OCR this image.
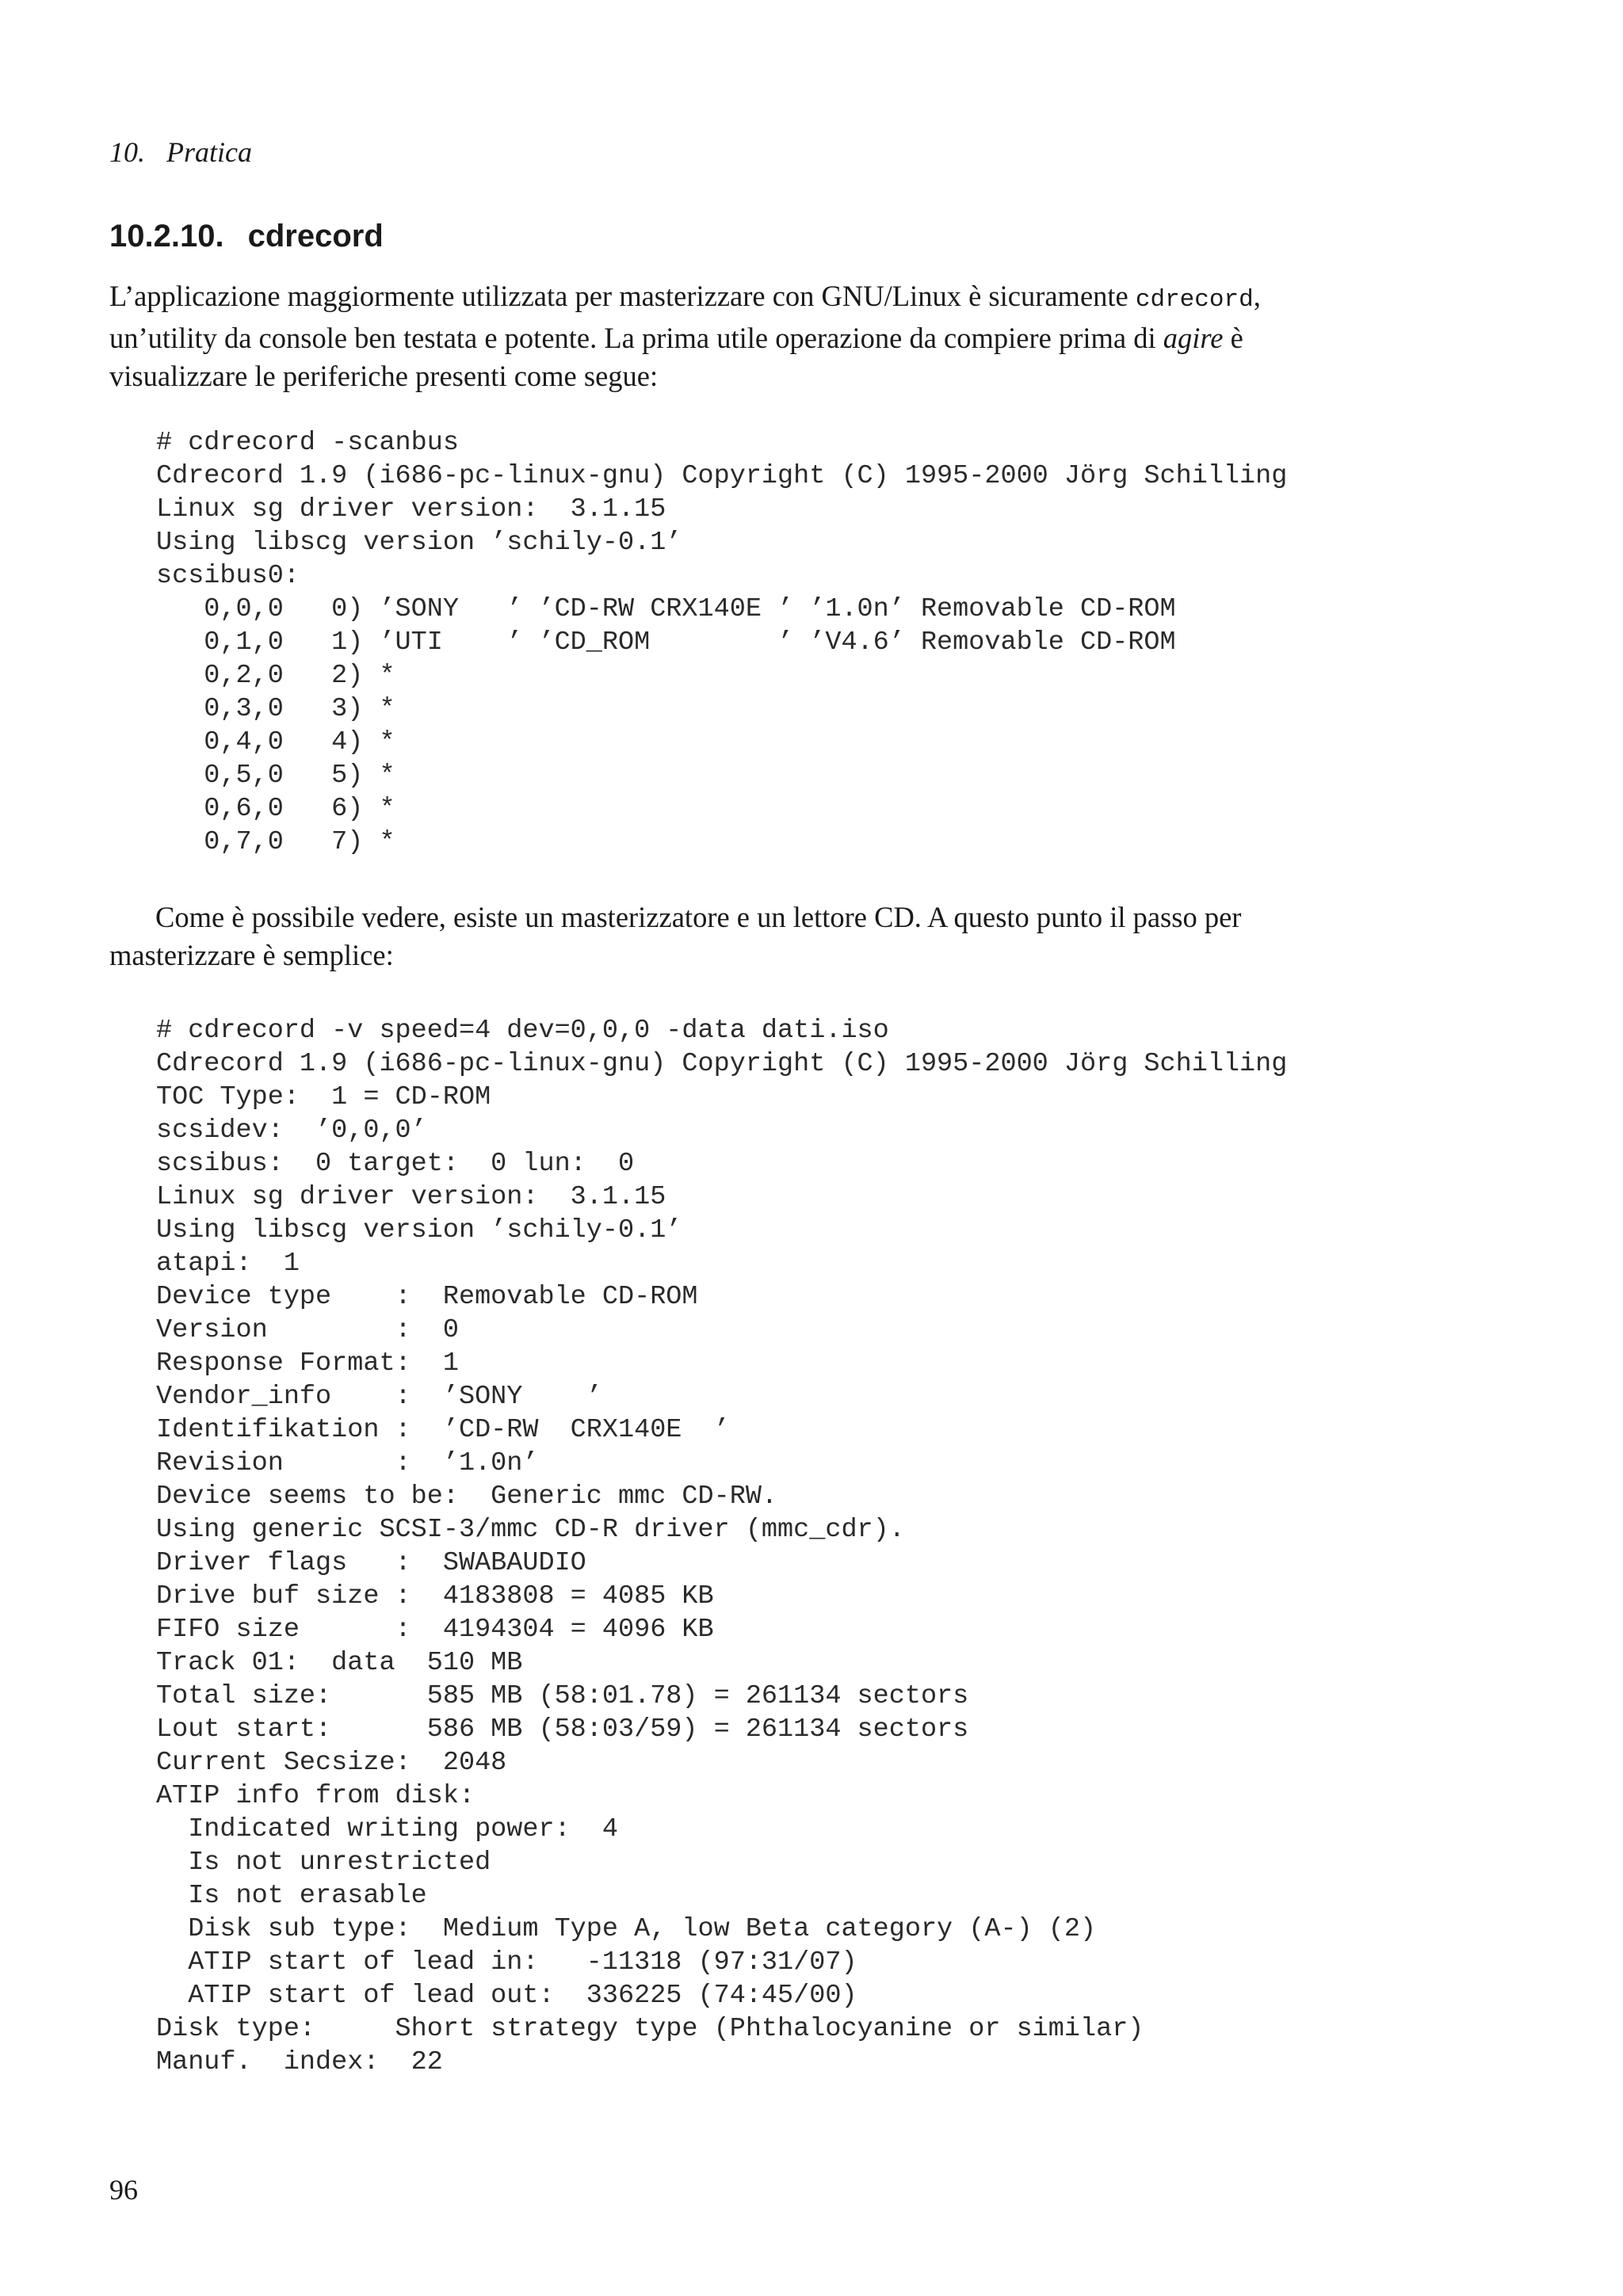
10. Pratica
10.2.10. cdrecord
L’applicazione maggiormente utilizzata per masterizzare con GNU/Linux è sicuramente cdrecord,
un’utility da console ben testata e potente. La prima utile operazione da compiere prima di agire è
visualizzare le periferiche presenti come segue:
# cdrecord -scanbus
Cdrecord 1.9 (i686-pc-linux-gnu) Copyright (C) 1995-2000 Jörg Schilling
Linux sg driver version:  3.1.15
Using libscg version ’schily-0.1’
scsibus0:
0,0,0   0) ’SONY   ’ ’CD-RW CRX140E ’ ’1.0n’ Removable CD-ROM
0,1,0   1) ’UTI    ’ ’CD_ROM        ’ ’V4.6’ Removable CD-ROM
0,2,0   2) *
0,3,0   3) *
0,4,0   4) *
0,5,0   5) *
0,6,0   6) *
0,7,0   7) *
Come è possibile vedere, esiste un masterizzatore e un lettore CD. A questo punto il passo per
masterizzare è semplice:
# cdrecord -v speed=4 dev=0,0,0 -data dati.iso
Cdrecord 1.9 (i686-pc-linux-gnu) Copyright (C) 1995-2000 Jörg Schilling
TOC Type:  1 = CD-ROM
scsidev:  ’0,0,0’
scsibus:  0 target:  0 lun:  0
Linux sg driver version:  3.1.15
Using libscg version ’schily-0.1’
atapi:  1
Device type    :  Removable CD-ROM
Version        :  0
Response Format:  1
Vendor_info    :  ’SONY    ’
Identifikation :  ’CD-RW  CRX140E  ’
Revision       :  ’1.0n’
Device seems to be:  Generic mmc CD-RW.
Using generic SCSI-3/mmc CD-R driver (mmc_cdr).
Driver flags   :  SWABAUDIO
Drive buf size :  4183808 = 4085 KB
FIFO size      :  4194304 = 4096 KB
Track 01:  data  510 MB
Total size:      585 MB (58:01.78) = 261134 sectors
Lout start:      586 MB (58:03/59) = 261134 sectors
Current Secsize:  2048
ATIP info from disk:
Indicated writing power:  4
Is not unrestricted
Is not erasable
Disk sub type:  Medium Type A, low Beta category (A-) (2)
ATIP start of lead in:   -11318 (97:31/07)
ATIP start of lead out:  336225 (74:45/00)
Disk type:     Short strategy type (Phthalocyanine or similar)
Manuf.  index:  22
96
